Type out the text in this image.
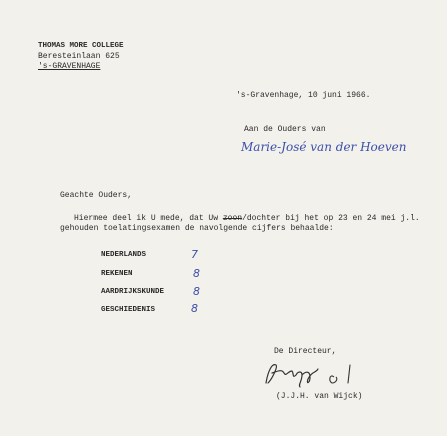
THOMAS MORE COLLEGE
Beresteinlaan 625
's-GRAVENHAGE
's-Gravenhage, 10 juni 1966.
Aan de Ouders van
Marie-José van der Hoeven
Geachte Ouders,
Hiermee deel ik U mede, dat Uw zoon/dochter bij het op 23 en 24 mei j.l.
gehouden toelatingsexamen de navolgende cijfers behaalde:
NEDERLANDS	7
REKENEN	8
AARDRIJKSKUNDE	8
GESCHIEDENIS	8
De Directeur,
(J.J.H. van Wijck)
